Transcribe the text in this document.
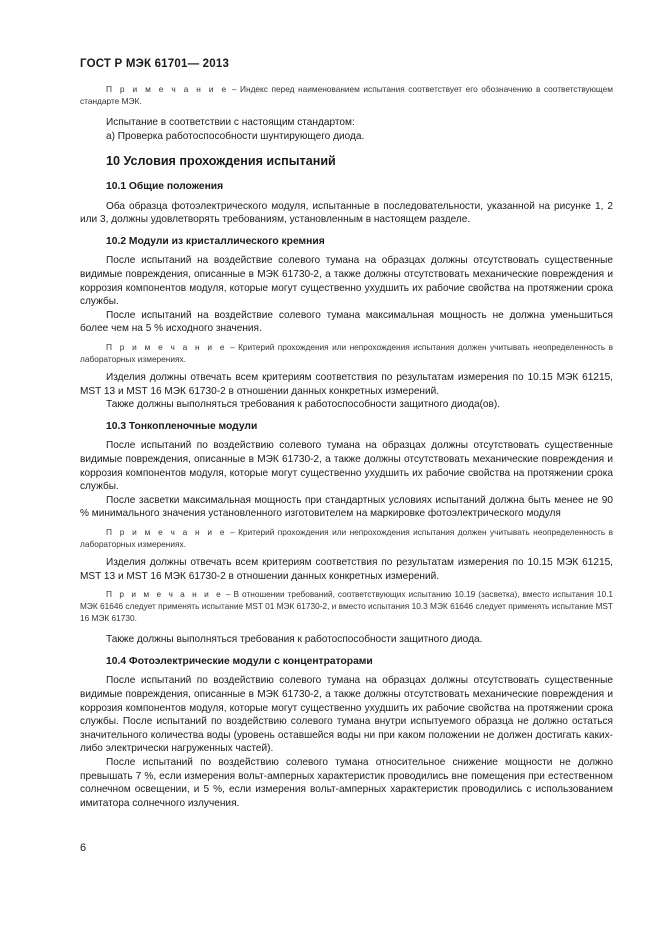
ГОСТ Р МЭК 61701— 2013

П р и м е ч а н и е – Индекс перед наименованием испытания соответствует его обозначению в соответствующем стандарте МЭК.

Испытание в соответствии с настоящим стандартом:

a) Проверка работоспособности шунтирующего диода.

10 Условия прохождения испытаний

10.1 Общие положения

Оба образца фотоэлектрического модуля, испытанные в последовательности, указанной на рисунке 1, 2 или 3, должны удовлетворять требованиям, установленным в настоящем разделе.

10.2 Модули из кристаллического кремния

После испытаний на воздействие солевого тумана на образцах должны отсутствовать существенные видимые повреждения, описанные в МЭК 61730-2, а также должны отсутствовать механические повреждения и коррозия компонентов модуля, которые могут существенно ухудшить их рабочие свойства на протяжении срока службы.

После испытаний на воздействие солевого тумана максимальная мощность не должна уменьшиться более чем на 5 % исходного значения.

П р и м е ч а н и е – Критерий прохождения или непрохождения испытания должен учитывать неопределенность в лабораторных измерениях.

Изделия должны отвечать всем критериям соответствия по результатам измерения по 10.15 МЭК 61215, MST 13 и MST 16 МЭК 61730-2 в отношении данных конкретных измерений.

Также должны выполняться требования к работоспособности защитного диода(ов).

10.3 Тонкопленочные модули

После испытаний по воздействию солевого тумана на образцах должны отсутствовать существенные видимые повреждения, описанные в МЭК 61730-2, а также должны отсутствовать механические повреждения и коррозия компонентов модуля, которые могут существенно ухудшить их рабочие свойства на протяжении срока службы.

После засветки максимальная мощность при стандартных условиях испытаний должна быть менее не 90 % минимального значения установленного изготовителем на маркировке фотоэлектрического модуля

П р и м е ч а н и е – Критерий прохождения или непрохождения испытания должен учитывать неопределенность в лабораторных измерениях.

Изделия должны отвечать всем критериям соответствия по результатам измерения по 10.15 МЭК 61215, MST 13 и MST 16 МЭК 61730-2 в отношении данных конкретных измерений.

П р и м е ч а н и е – В отношении требований, соответствующих испытанию 10.19 (засветка), вместо испытания 10.1 МЭК 61646 следует применять испытание MST 01 МЭК 61730-2, и вместо испытания 10.3 МЭК 61646 следует применять испытание MST 16 МЭК 61730.

Также должны выполняться требования к работоспособности защитного диода.

10.4 Фотоэлектрические модули с концентраторами

После испытаний по воздействию солевого тумана на образцах должны отсутствовать существенные видимые повреждения, описанные в МЭК 61730-2, а также должны отсутствовать механические повреждения и коррозия компонентов модуля, которые могут существенно ухудшить их рабочие свойства на протяжении срока службы. После испытаний по воздействию солевого тумана внутри испытуемого образца не должно остаться значительного количества воды (уровень оставшейся воды ни при каком положении не должен достигать каких-либо электрически нагруженных частей).

После испытаний по воздействию солевого тумана относительное снижение мощности не должно превышать 7 %, если измерения вольт-амперных характеристик проводились вне помещения при естественном солнечном освещении, и 5 %, если измерения вольт-амперных характеристик проводились с использованием имитатора солнечного излучения.

6
